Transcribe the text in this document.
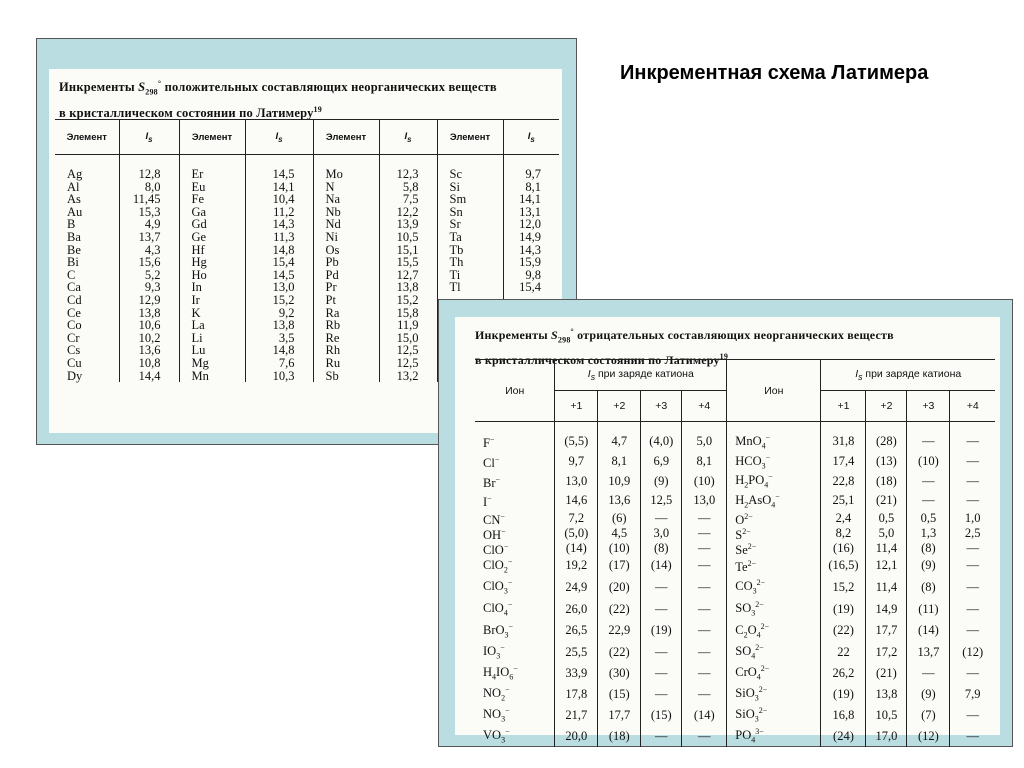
Инкрементная схема Латимера
Инкременты $S_{298}^\circ$ положительных составляющих неорганических веществ
в кристаллическом состоянии по Латимеру$^{19}$
Элемент	$I_s$	Элемент	$I_s$	Элемент	$I_s$	Элемент	$I_s$
Ag	12,8	Er	14,5	Mo	12,3	Sc	9,7
Al	8,0	Eu	14,1	N	5,8	Si	8,1
As	11,45	Fe	10,4	Na	7,5	Sm	14,1
Au	15,3	Ga	11,2	Nb	12,2	Sn	13,1
B	4,9	Gd	14,3	Nd	13,9	Sr	12,0
Ba	13,7	Ge	11,3	Ni	10,5	Ta	14,9
Be	4,3	Hf	14,8	Os	15,1	Tb	14,3
Bi	15,6	Hg	15,4	Pb	15,5	Th	15,9
C	5,2	Ho	14,5	Pd	12,7	Ti	9,8
Ca	9,3	In	13,0	Pr	13,8	Tl	15,4
Cd	12,9	Ir	15,2	Pt	15,2		
Ce	13,8	K	9,2	Ra	15,8		
Co	10,6	La	13,8	Rb	11,9		
Cr	10,2	Li	3,5	Re	15,0		
Cs	13,6	Lu	14,8	Rh	12,5		
Cu	10,8	Mg	7,6	Ru	12,5		
Dy	14,4	Mn	10,3	Sb	13,2		
Инкременты $S_{298}^\circ$ отрицательных составляющих неорганических веществ
в кристаллическом состоянии по Латимеру$^{19}$
Ион	$I_s$ при заряде катиона				Ион	$I_s$ при заряде катиона			
	+1	+2	+3	+4		+1	+2	+3	+4
F−	(5,5)	4,7	(4,0)	5,0	MnO$_4$−	31,8	(28)	—	—
Cl−	9,7	8,1	6,9	8,1	$HCO_3^-$	17,4	(13)	(10)	—
Br−	13,0	10,9	(9)	(10)	$H_2PO_4^-$	22,8	(18)	—	—
I−	14,6	13,6	12,5	13,0	$H_2AsO_4^-$	25,1	(21)	—	—
CN−	7,2	(6)	—	—	$O^{2-}$	2,4	0,5	0,5	1,0
OH−	(5,0)	4,5	3,0	—	$S^{2-}$	8,2	5,0	1,3	2,5
ClO−	(14)	(10)	(8)	—	$Se^{2-}$	(16)	11,4	(8)	—
ClO$_2$−	19,2	(17)	(14)	—	$Te^{2-}$	(16,5)	12,1	(9)	—
ClO$_3$−	24,9	(20)	—	—	$CO_3^{2-}$	15,2	11,4	(8)	—
ClO$_4$−	26,0	(22)	—	—	$SO_3^{2-}$	(19)	14,9	(11)	—
BrO$_3$−	26,5	22,9	(19)	—	$C_2O_4^{2-}$	(22)	17,7	(14)	—
$IO_3^-$	25,5	(22)	—	—	$SO_4^{2-}$	22	17,2	13,7	(12)
$H_4IO_6^-$	33,9	(30)	—	—	CrO$_4^{2-}$	26,2	(21)	—	—
$NO_2^-$	17,8	(15)	—	—	SiO$_3^{2-}$	(19)	13,8	(9)	7,9
$NO_3^-$	21,7	17,7	(15)	(14)	SiO$_3^{2-}$	16,8	10,5	(7)	—
$VO_3^-$	20,0	(18)	—	—	$PO_4^{3-}$	(24)	17,0	(12)	—
